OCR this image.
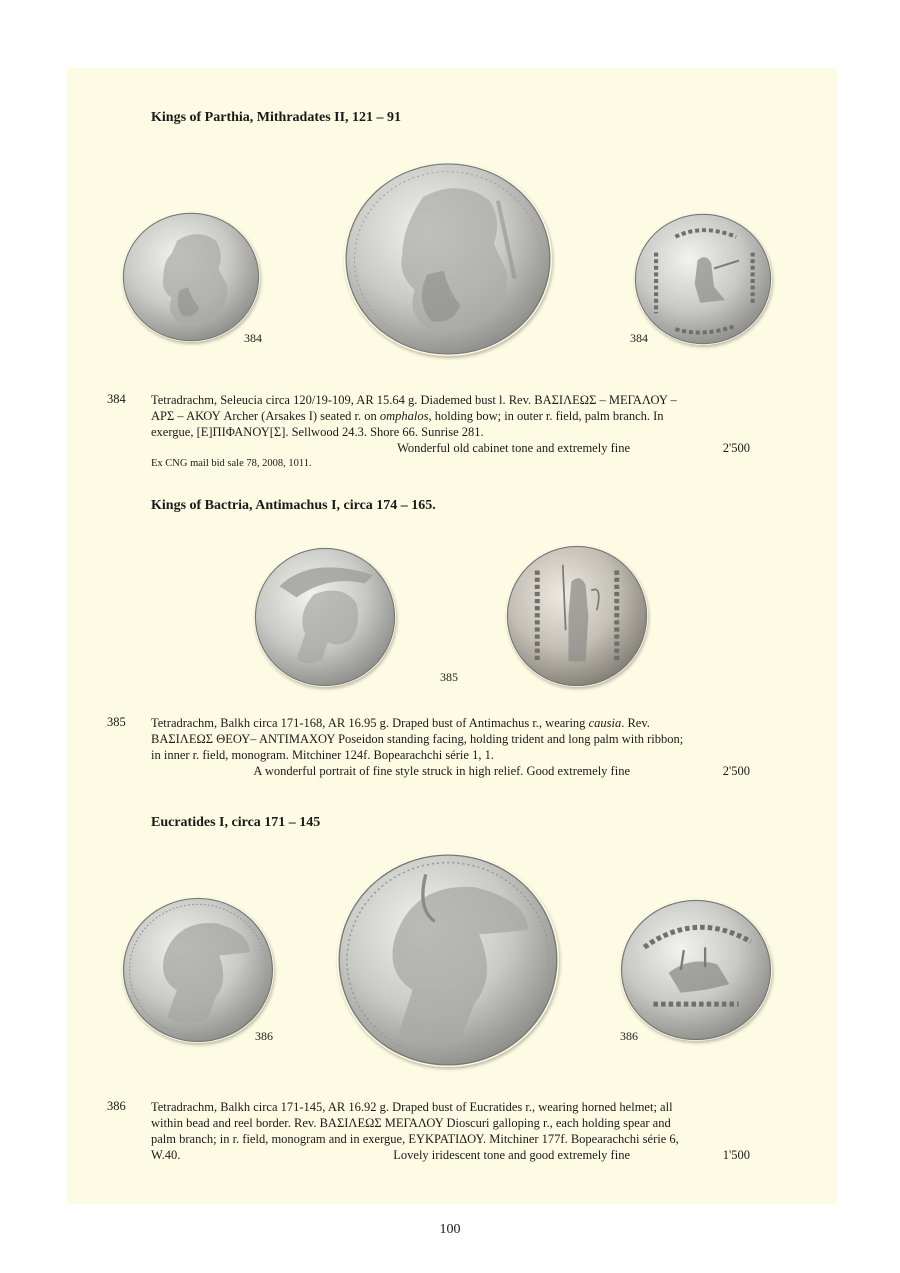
Kings of Parthia, Mithradates II, 121 – 91
384	384
384 Tetradrachm, Seleucia circa 120/19-109, AR 15.64 g. Diademed bust l. Rev. ΒΑΣΙΛΕΩΣ – ΜΕΓΑΛΟΥ –

ΑΡΣ – ΑΚΟΥ Archer (Arsakes I) seated r. on omphalos, holding bow; in outer r. field, palm branch. In

exergue, [Ε]ΠΙΦΑΝΟΥ[Σ]. Sellwood 24.3. Shore 66. Sunrise 281.

Wonderful old cabinet tone and extremely fine	2'500
Ex CNG mail bid sale 78, 2008, 1011.
Kings of Bactria, Antimachus I, circa 174 – 165.
385
385 Tetradrachm, Balkh circa 171-168, AR 16.95 g. Draped bust of Antimachus r., wearing causia. Rev.

ΒΑΣΙΛΕΩΣ ΘΕΟΥ– ΑΝΤΙΜΑΧΟΥ Poseidon standing facing, holding trident and long palm with ribbon;

in inner r. field, monogram. Mitchiner 124f. Bopearachchi série 1, 1.

A wonderful portrait of fine style struck in high relief. Good extremely fine	2'500
Eucratides I, circa 171 – 145
386	386
386 Tetradrachm, Balkh circa 171-145, AR 16.92 g. Draped bust of Eucratides r., wearing horned helmet; all

within bead and reel border. Rev. ΒΑΣΙΛΕΩΣ ΜΕΓΑΛΟΥ Dioscuri galloping r., each holding spear and

palm branch; in r. field, monogram and in exergue, ΕΥΚΡΑΤΙΔΟΥ. Mitchiner 177f. Bopearachchi série 6,

W.40.	Lovely iridescent tone and good extremely fine	1'500
100
